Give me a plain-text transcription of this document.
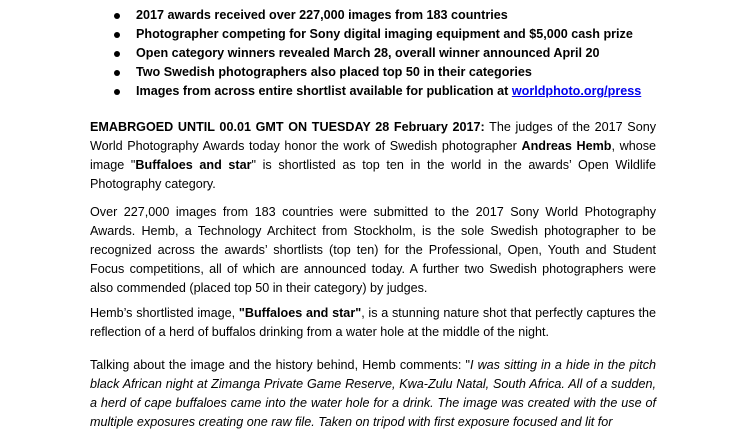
2017 awards received over 227,000 images from 183 countries
Photographer competing for Sony digital imaging equipment and $5,000 cash prize
Open category winners revealed March 28, overall winner announced April 20
Two Swedish photographers also placed top 50 in their categories
Images from across entire shortlist available for publication at worldphoto.org/press

EMABRGOED UNTIL 00.01 GMT ON TUESDAY 28 February 2017: The judges of the 2017 Sony World Photography Awards today honor the work of Swedish photographer Andreas Hemb, whose image "Buffaloes and star" is shortlisted as top ten in the world in the awards’ Open Wildlife Photography category.

Over 227,000 images from 183 countries were submitted to the 2017 Sony World Photography Awards. Hemb, a Technology Architect from Stockholm, is the sole Swedish photographer to be recognized across the awards’ shortlists (top ten) for the Professional, Open, Youth and Student Focus competitions, all of which are announced today. A further two Swedish photographers were also commended (placed top 50 in their category) by judges.

Hemb’s shortlisted image, "Buffaloes and star", is a stunning nature shot that perfectly captures the reflection of a herd of buffalos drinking from a water hole at the middle of the night.

Talking about the image and the history behind, Hemb comments: "I was sitting in a hide in the pitch black African night at Zimanga Private Game Reserve, Kwa-Zulu Natal, South Africa. All of a sudden, a herd of cape buffaloes came into the water hole for a drink. The image was created with the use of multiple exposures creating one raw file. Taken on tripod with first exposure focused and lit for
